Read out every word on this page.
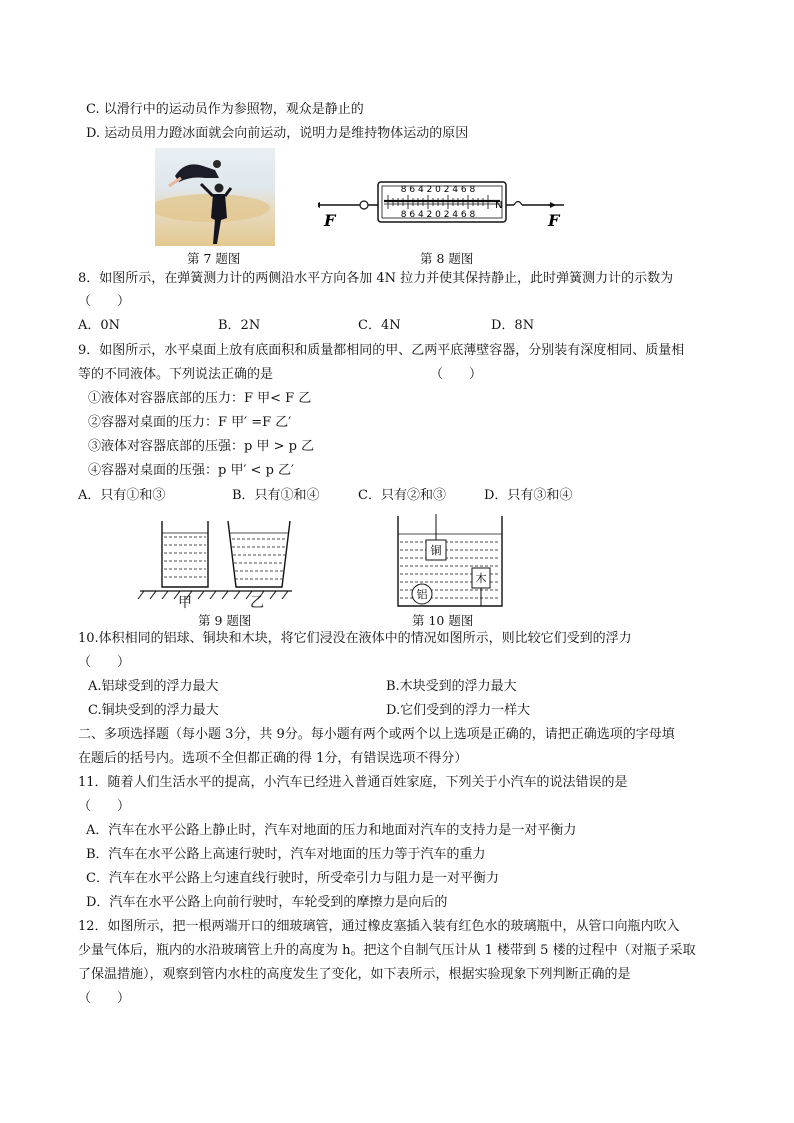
C. 以滑行中的运动员作为参照物，观众是静止的
D. 运动员用力蹬冰面就会向前运动，说明力是维持物体运动的原因
第 7 题图
8 6 4 2 0 2 4 6 8
8 6 4 2 0 2 4 6 8
N
F	F
第 8 题图
8．如图所示，在弹簧测力计的两侧沿水平方向各加 4N 拉力并使其保持静止，此时弹簧测力计的示数为
（　　）
A．0N	B．2N	C．4N	D．8N
9．如图所示，水平桌面上放有底面积和质量都相同的甲、乙两平底薄壁容器，分别装有深度相同、质量相
等的不同液体。下列说法正确的是	（　　）
①液体对容器底部的压力：F 甲< F 乙
②容器对桌面的压力：F 甲′ =F 乙′
③液体对容器底部的压强：p 甲 > p 乙
④容器对桌面的压强：p 甲′ < p 乙′
A．只有①和③	B．只有①和④	C．只有②和③	D．只有③和④
甲	乙
第 9 题图
铜
木
铝
第 10 题图
10.体积相同的铝球、铜块和木块，将它们浸没在液体中的情况如图所示，则比较它们受到的浮力
（　　）
A.铝球受到的浮力最大	B.木块受到的浮力最大
C.铜块受到的浮力最大	D.它们受到的浮力一样大
二、多项选择题（每小题 3分，共 9分。每小题有两个或两个以上选项是正确的，请把正确选项的字母填
在题后的括号内。选项不全但都正确的得 1分，有错误选项不得分）
11．随着人们生活水平的提高，小汽车已经进入普通百姓家庭，下列关于小汽车的说法错误的是
（　　）
A．汽车在水平公路上静止时，汽车对地面的压力和地面对汽车的支持力是一对平衡力
B．汽车在水平公路上高速行驶时，汽车对地面的压力等于汽车的重力
C．汽车在水平公路上匀速直线行驶时，所受牵引力与阻力是一对平衡力
D．汽车在水平公路上向前行驶时，车轮受到的摩擦力是向后的
12．如图所示，把一根两端开口的细玻璃管，通过橡皮塞插入装有红色水的玻璃瓶中，从管口向瓶内吹入
少量气体后，瓶内的水沿玻璃管上升的高度为 h。把这个自制气压计从 1 楼带到 5 楼的过程中（对瓶子采取
了保温措施），观察到管内水柱的高度发生了变化，如下表所示，根据实验现象下列判断正确的是
（　　）
